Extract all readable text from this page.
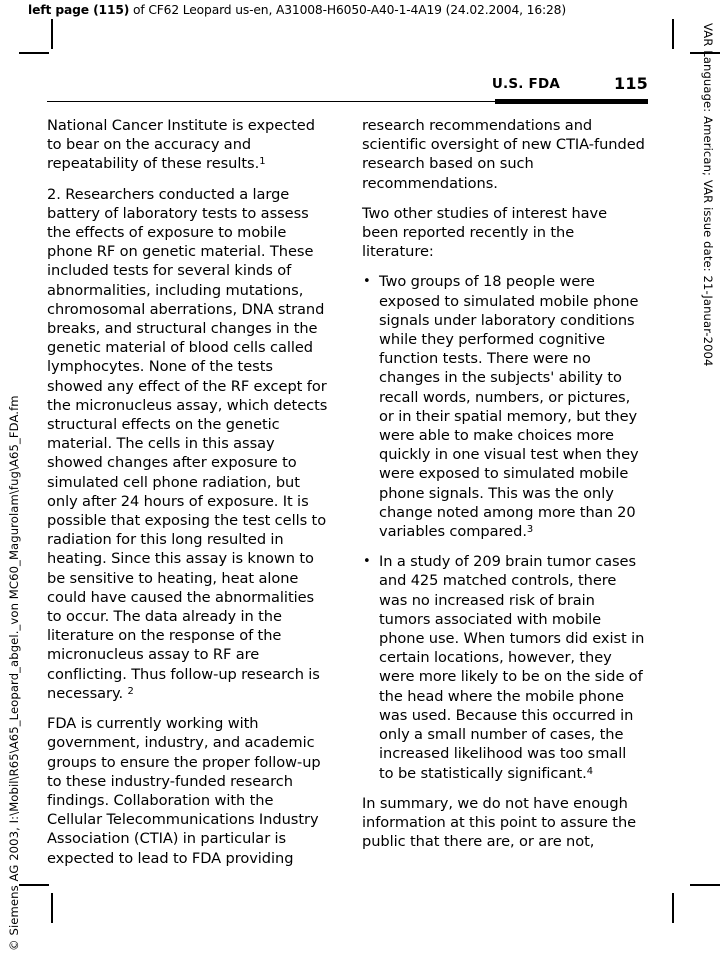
left page (115) of CF62 Leopard us-en, A31008-H6050-A40-1-4A19 (24.02.2004, 16:28)
© Siemens AG 2003, I:\Mobil\R65\A65_Leopard_abgel._von MC60_Magurolam\fug\A65_FDA.fm
VAR Language: American; VAR issue date: 21-Januar-2004
U.S. FDA	115

National Cancer Institute is expected to bear on the accuracy and repeatability of these results.$^1$

2. Researchers conducted a large battery of laboratory tests to assess the effects of exposure to mobile phone RF on genetic material. These included tests for several kinds of abnormalities, including mutations, chromosomal aberrations, DNA strand breaks, and structural changes in the genetic material of blood cells called lymphocytes. None of the tests showed any effect of the RF except for the micronucleus assay, which detects structural effects on the genetic material. The cells in this assay showed changes after exposure to simulated cell phone radiation, but only after 24 hours of exposure. It is possible that exposing the test cells to radiation for this long resulted in heating. Since this assay is known to be sensitive to heating, heat alone could have caused the abnormalities to occur. The data already in the literature on the response of the micronucleus assay to RF are conflicting. Thus follow-up research is necessary. $^2$

FDA is currently working with government, industry, and academic groups to ensure the proper follow-up to these industry-funded research findings. Collaboration with the Cellular Telecommunications Industry Association (CTIA) in particular is expected to lead to FDA providing

research recommendations and scientific oversight of new CTIA-funded research based on such recommendations.

Two other studies of interest have been reported recently in the literature:

• Two groups of 18 people were exposed to simulated mobile phone signals under laboratory conditions while they performed cognitive function tests. There were no changes in the subjects' ability to recall words, numbers, or pictures, or in their spatial memory, but they were able to make choices more quickly in one visual test when they were exposed to simulated mobile phone signals. This was the only change noted among more than 20 variables compared.$^3$
• In a study of 209 brain tumor cases and 425 matched controls, there was no increased risk of brain tumors associated with mobile phone use. When tumors did exist in certain locations, however, they were more likely to be on the side of the head where the mobile phone was used. Because this occurred in only a small number of cases, the increased likelihood was too small to be statistically significant.$^4$

In summary, we do not have enough information at this point to assure the public that there are, or are not,
